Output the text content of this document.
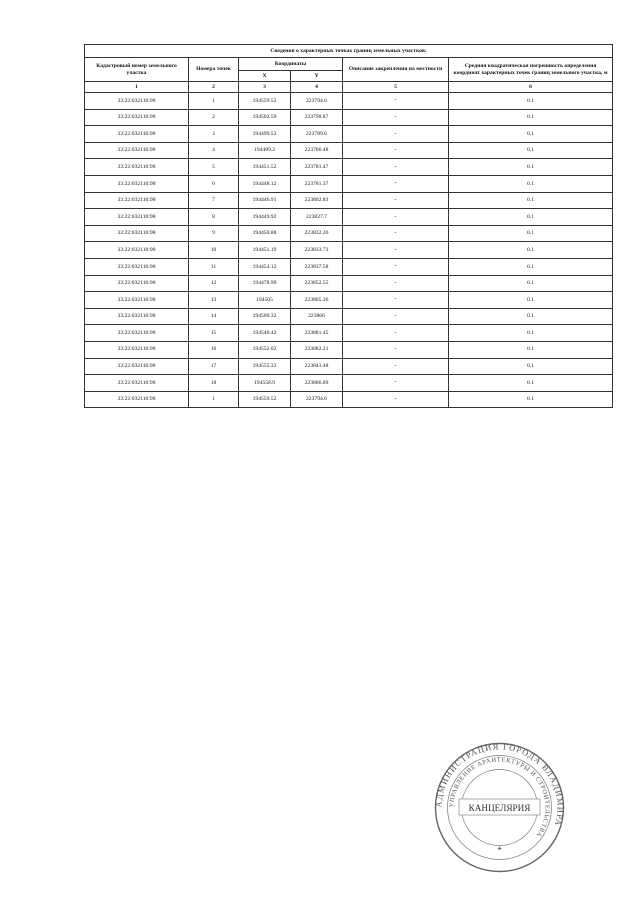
Сведения о характерных точках границ земельных участков:					
Кадастровый номер земельного участка	Номера точек	Координаты		Описание закрепления на местности	Средняя квадратическая погрешность определения координат характерных точек границ земельного участка, м
		X	Y		
1	2	3	4	5	6
33:22:032110:98	1	194559.52	223794.6	-	0.1
33:22:032110:98	2	194502.59	223790.87	-	0.1
33:22:032110:98	3	194499.53	223789.6	-	0.1
33:22:032110:98	4	194489.2	223786.48	-	0.1
33:22:032110:98	5	194451.52	223781.47	-	0.1
33:22:032110:98	6	194448.12	223781.37	-	0.1
33:22:032110:98	7	194446.91	223802.83	-	0.1
33:22:032110:98	8	194449.92	223827.7	-	0.1
33:22:032110:98	9	194450.88	223832.26	-	0.1
33:22:032110:98	10	194451.19	223833.73	-	0.1
33:22:032110:98	11	194454.12	223837.58	-	0.1
33:22:032110:98	12	194478.99	223852.55	-	0.1
33:22:032110:98	13	194505	223865.36	-	0.1
33:22:032110:98	14	194509.32	223866	-	0.1
33:22:032110:98	15	194540.42	223881.45	-	0.1
33:22:032110:98	16	194552.02	223882.21	-	0.1
33:22:032110:98	17	194555.33	223843.48	-	0.1
33:22:032110:98	18	194558.9	223806.89	-	0.1
33:22:032110:98	1	194559.52	223794.6	-	0.1
АДМИНИСТРАЦИЯ ГОРОДА ВЛАДИМИРА
УПРАВЛЕНИЕ АРХИТЕКТУРЫ И СТРОИТЕЛЬСТВА
КАНЦЕЛЯРИЯ
✦
